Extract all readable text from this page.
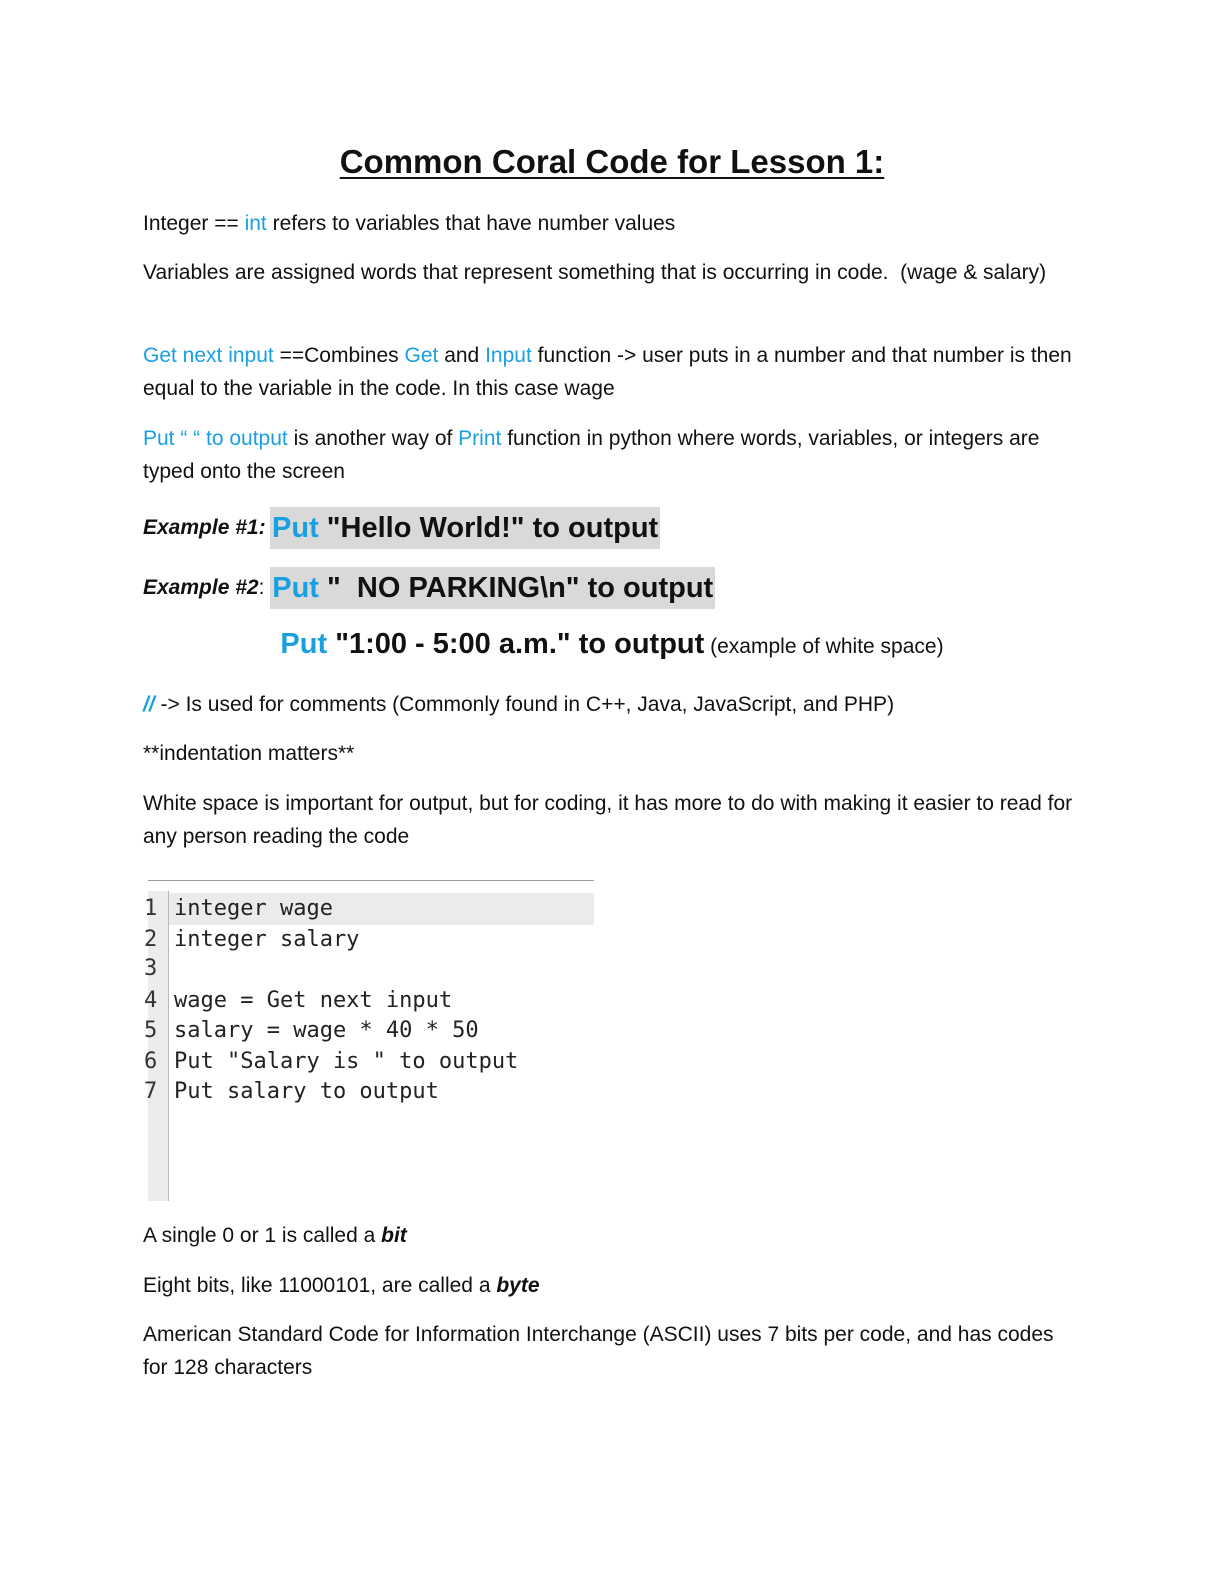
Common Coral Code for Lesson 1:
Integer == int refers to variables that have number values
Variables are assigned words that represent something that is occurring in code.  (wage & salary)
Get next input ==Combines Get and Input function -> user puts in a number and that number is then equal to the variable in the code. In this case wage
Put “ “ to output is another way of Print function in python where words, variables, or integers are typed onto the screen
Example #1:
Put "Hello World!" to output
Example #2 : Put "  NO PARKING\n" to output
Put "1:00 - 5:00 a.m." to output (example of white space)
// -> Is used for comments (Commonly found in C++, Java, JavaScript, and PHP)
**indentation matters**
White space is important for output, but for coding, it has more to do with making it easier to read for any person reading the code
1 integer wage
2 integer salary
3
4 wage = Get next input
5 salary = wage * 40 * 50
6 Put "Salary is " to output
7 Put salary to output
A single 0 or 1 is called a bit
Eight bits, like 11000101, are called a byte
American Standard Code for Information Interchange (ASCII) uses 7 bits per code, and has codes for 128 characters
